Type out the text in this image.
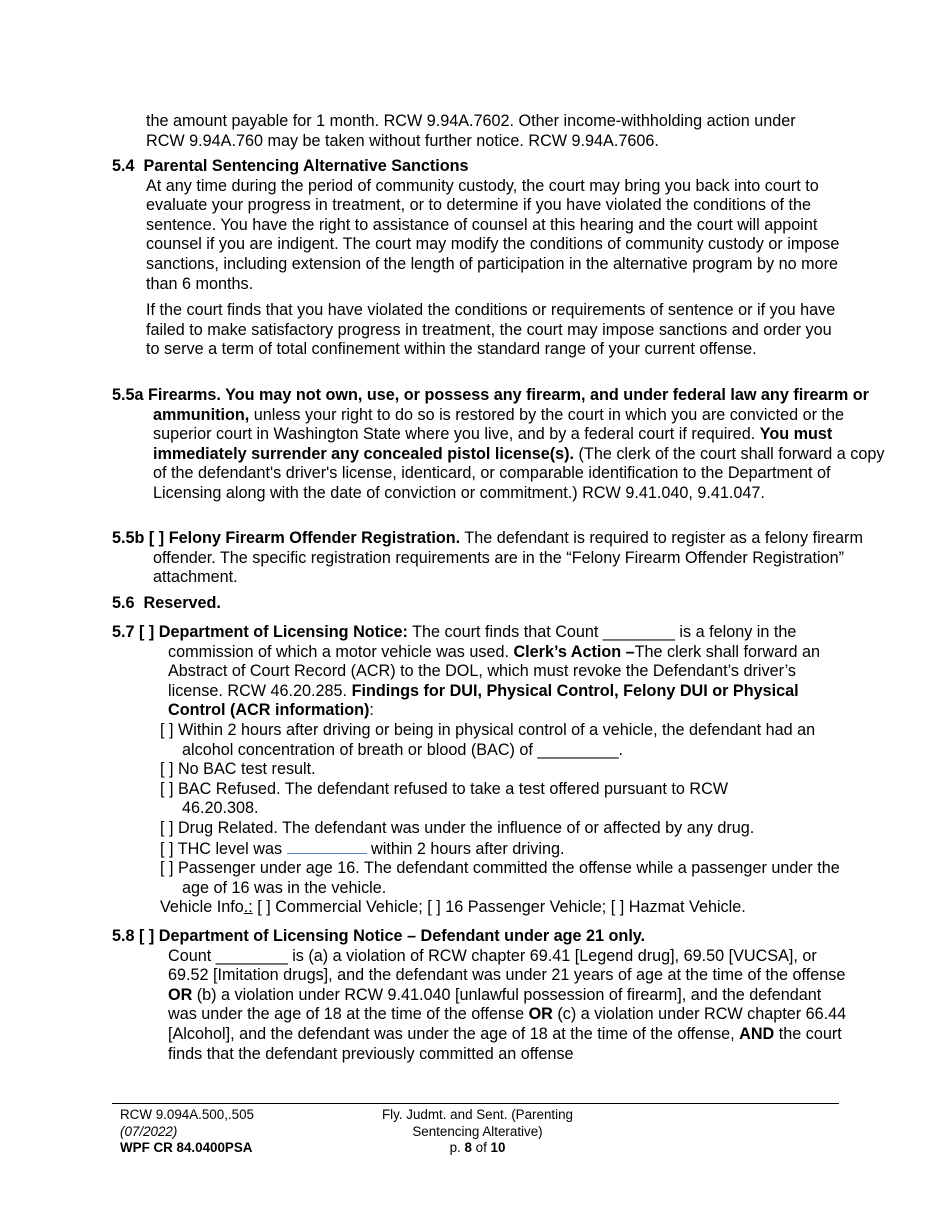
the amount payable for 1 month. RCW 9.94A.7602. Other income-withholding action under
RCW 9.94A.760 may be taken without further notice. RCW 9.94A.7606.
5.4 Parental Sentencing Alternative Sanctions

At any time during the period of community custody, the court may bring you back into court to evaluate your progress in treatment, or to determine if you have violated the conditions of the sentence. You have the right to assistance of counsel at this hearing and the court will appoint counsel if you are indigent. The court may modify the conditions of community custody or impose sanctions, including extension of the length of participation in the alternative program by no more than 6 months.

If the court finds that you have violated the conditions or requirements of sentence or if you have failed to make satisfactory progress in treatment, the court may impose sanctions and order you to serve a term of total confinement within the standard range of your current offense.

5.5a Firearms. You may not own, use, or possess any firearm, and under federal law any firearm or ammunition, unless your right to do so is restored by the court in which you are convicted or the superior court in Washington State where you live, and by a federal court if required. You must immediately surrender any concealed pistol license(s). (The clerk of the court shall forward a copy of the defendant's driver's license, identicard, or comparable identification to the Department of Licensing along with the date of conviction or commitment.) RCW 9.41.040, 9.41.047.
5.5b [ ] Felony Firearm Offender Registration. The defendant is required to register as a felony firearm offender. The specific registration requirements are in the “Felony Firearm Offender Registration” attachment.
5.6 Reserved.
5.7 [ ] Department of Licensing Notice: The court finds that Count ________ is a felony in the commission of which a motor vehicle was used. Clerk’s Action –The clerk shall forward an Abstract of Court Record (ACR) to the DOL, which must revoke the Defendant’s driver’s license. RCW 46.20.285. Findings for DUI, Physical Control, Felony DUI or Physical Control (ACR information):
[ ] Within 2 hours after driving or being in physical control of a vehicle, the defendant had an alcohol concentration of breath or blood (BAC) of _________.
[ ] No BAC test result.
[ ] BAC Refused. The defendant refused to take a test offered pursuant to RCW 46.20.308.
[ ] Drug Related. The defendant was under the influence of or affected by any drug.
[ ] THC level was	within 2 hours after driving.
[ ] Passenger under age 16. The defendant committed the offense while a passenger under the age of 16 was in the vehicle.
Vehicle Info.: [ ] Commercial Vehicle; [ ] 16 Passenger Vehicle; [ ] Hazmat Vehicle.
5.8 [ ] Department of Licensing Notice – Defendant under age 21 only.
Count ________ is (a) a violation of RCW chapter 69.41 [Legend drug], 69.50 [VUCSA], or 69.52 [Imitation drugs], and the defendant was under 21 years of age at the time of the offense OR (b) a violation under RCW 9.41.040 [unlawful possession of firearm], and the defendant was under the age of 18 at the time of the offense OR (c) a violation under RCW chapter 66.44 [Alcohol], and the defendant was under the age of 18 at the time of the offense, AND the court finds that the defendant previously committed an offense
RCW 9.094A.500,.505
(07/2022)
WPF CR 84.0400PSA
Fly. Judmt. and Sent. (Parenting
Sentencing Alterative)
p. 8 of 10
